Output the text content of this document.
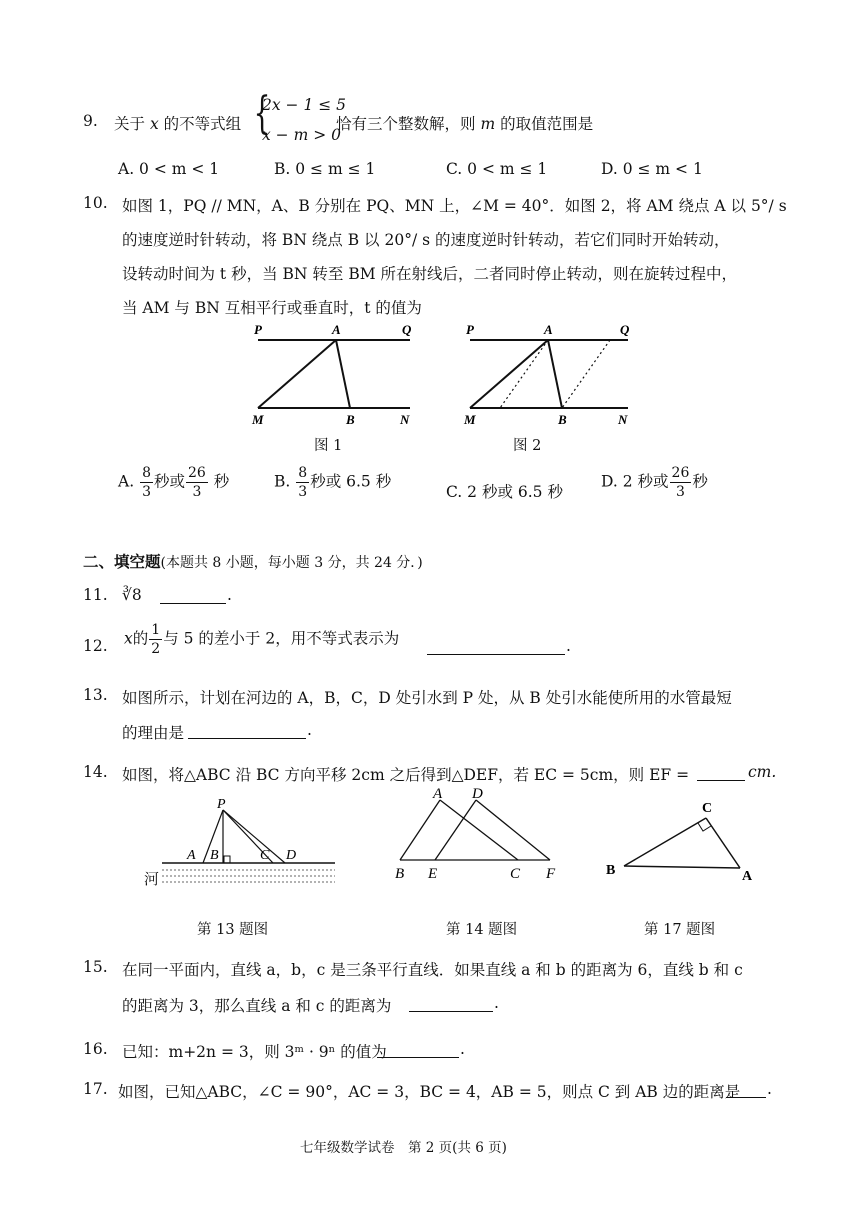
9. 关于 x 的不等式组 {
2x − 1 ≤ 5
x − m > 0
恰有三个整数解，则 m 的取值范围是
A. 0 < m < 1	B. 0 ≤ m ≤ 1	C. 0 < m ≤ 1	D. 0 ≤ m < 1
10. 如图 1，PQ // MN，A、B 分别在 PQ、MN 上，∠M = 40°．如图 2，将 AM 绕点 A 以 5°/ s
的速度逆时针转动，将 BN 绕点 B 以 20°/ s 的速度逆时针转动，若它们同时开始转动，
设转动时间为 t 秒，当 BN 转至 BM 所在射线后，二者同时停止转动，则在旋转过程中，
当 AM 与 BN 互相平行或垂直时，t 的值为
P	A	Q
M	B	N
图 1
P	A	Q
M	B	N
图 2
A. $\frac{8}{3}$ 秒或 $\frac{26}{3}$ 秒	B. $\frac{8}{3}$ 秒或 6.5 秒
C. 2 秒或 6.5 秒
D. 2 秒或 $\frac{26}{3}$ 秒
二、填空题(本题共 8 小题，每小题 3 分，共 24 分．)
11. ∛8	.
12. x的 $\frac{1}{2}$ 与 5 的差小于 2，用不等式表示为	.
13. 如图所示，计划在河边的 A，B，C，D 处引水到 P 处，从 B 处引水能使所用的水管最短
的理由是	.
14. 如图，将△ABC 沿 BC 方向平移 2cm 之后得到△DEF，若 EC = 5cm，则 EF =	cm.
P
A B	C D
河
第 13 题图
A D
B E	C F
第 14 题图
C
B	A
第 17 题图
15. 在同一平面内，直线 a，b，c 是三条平行直线．如果直线 a 和 b 的距离为 6，直线 b 和 c
的距离为 3，那么直线 a 和 c 的距离为	.
16. 已知：m+2n = 3，则 3ᵐ · 9ⁿ 的值为	.
17. 如图，已知△ABC，∠C = 90°，AC = 3，BC = 4，AB = 5，则点 C 到 AB 边的距离是 .
七年级数学试卷　第 2 页(共 6 页)
